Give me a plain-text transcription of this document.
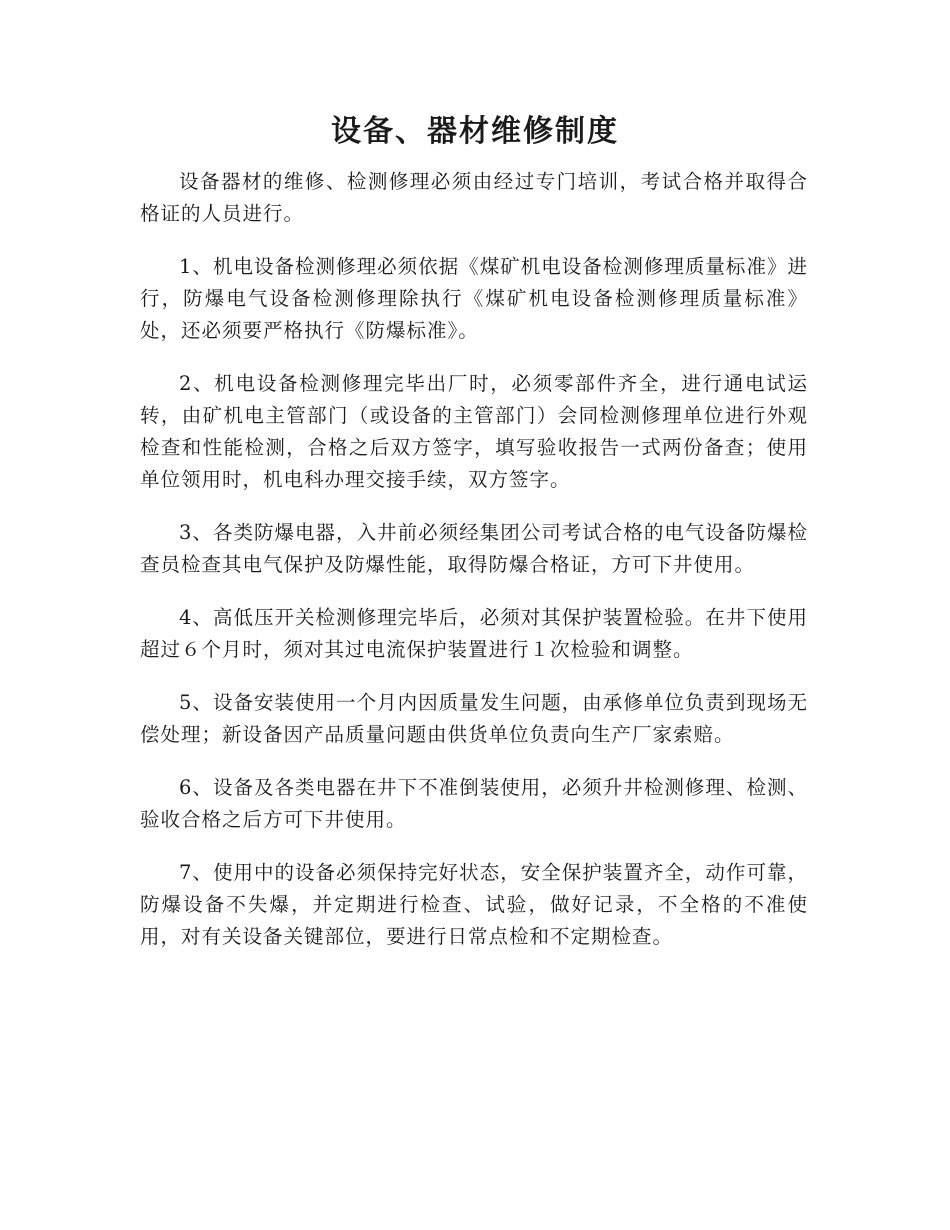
设备、器材维修制度

设备器材的维修、检测修理必须由经过专门培训，考试合格并取得合格证的人员进行。

1、机电设备检测修理必须依据《煤矿机电设备检测修理质量标准》进行，防爆电气设备检测修理除执行《煤矿机电设备检测修理质量标准》处，还必须要严格执行《防爆标准》。

2、机电设备检测修理完毕出厂时，必须零部件齐全，进行通电试运转，由矿机电主管部门（或设备的主管部门）会同检测修理单位进行外观检查和性能检测，合格之后双方签字，填写验收报告一式两份备查；使用单位领用时，机电科办理交接手续，双方签字。

3、各类防爆电器，入井前必须经集团公司考试合格的电气设备防爆检查员检查其电气保护及防爆性能，取得防爆合格证，方可下井使用。

4、高低压开关检测修理完毕后，必须对其保护装置检验。在井下使用超过６个月时，须对其过电流保护装置进行１次检验和调整。

5、设备安装使用一个月内因质量发生问题，由承修单位负责到现场无偿处理；新设备因产品质量问题由供货单位负责向生产厂家索赔。

6、设备及各类电器在井下不准倒装使用，必须升井检测修理、检测、验收合格之后方可下井使用。

7、使用中的设备必须保持完好状态，安全保护装置齐全，动作可靠，防爆设备不失爆，并定期进行检查、试验，做好记录，不全格的不准使用，对有关设备关键部位，要进行日常点检和不定期检查。
